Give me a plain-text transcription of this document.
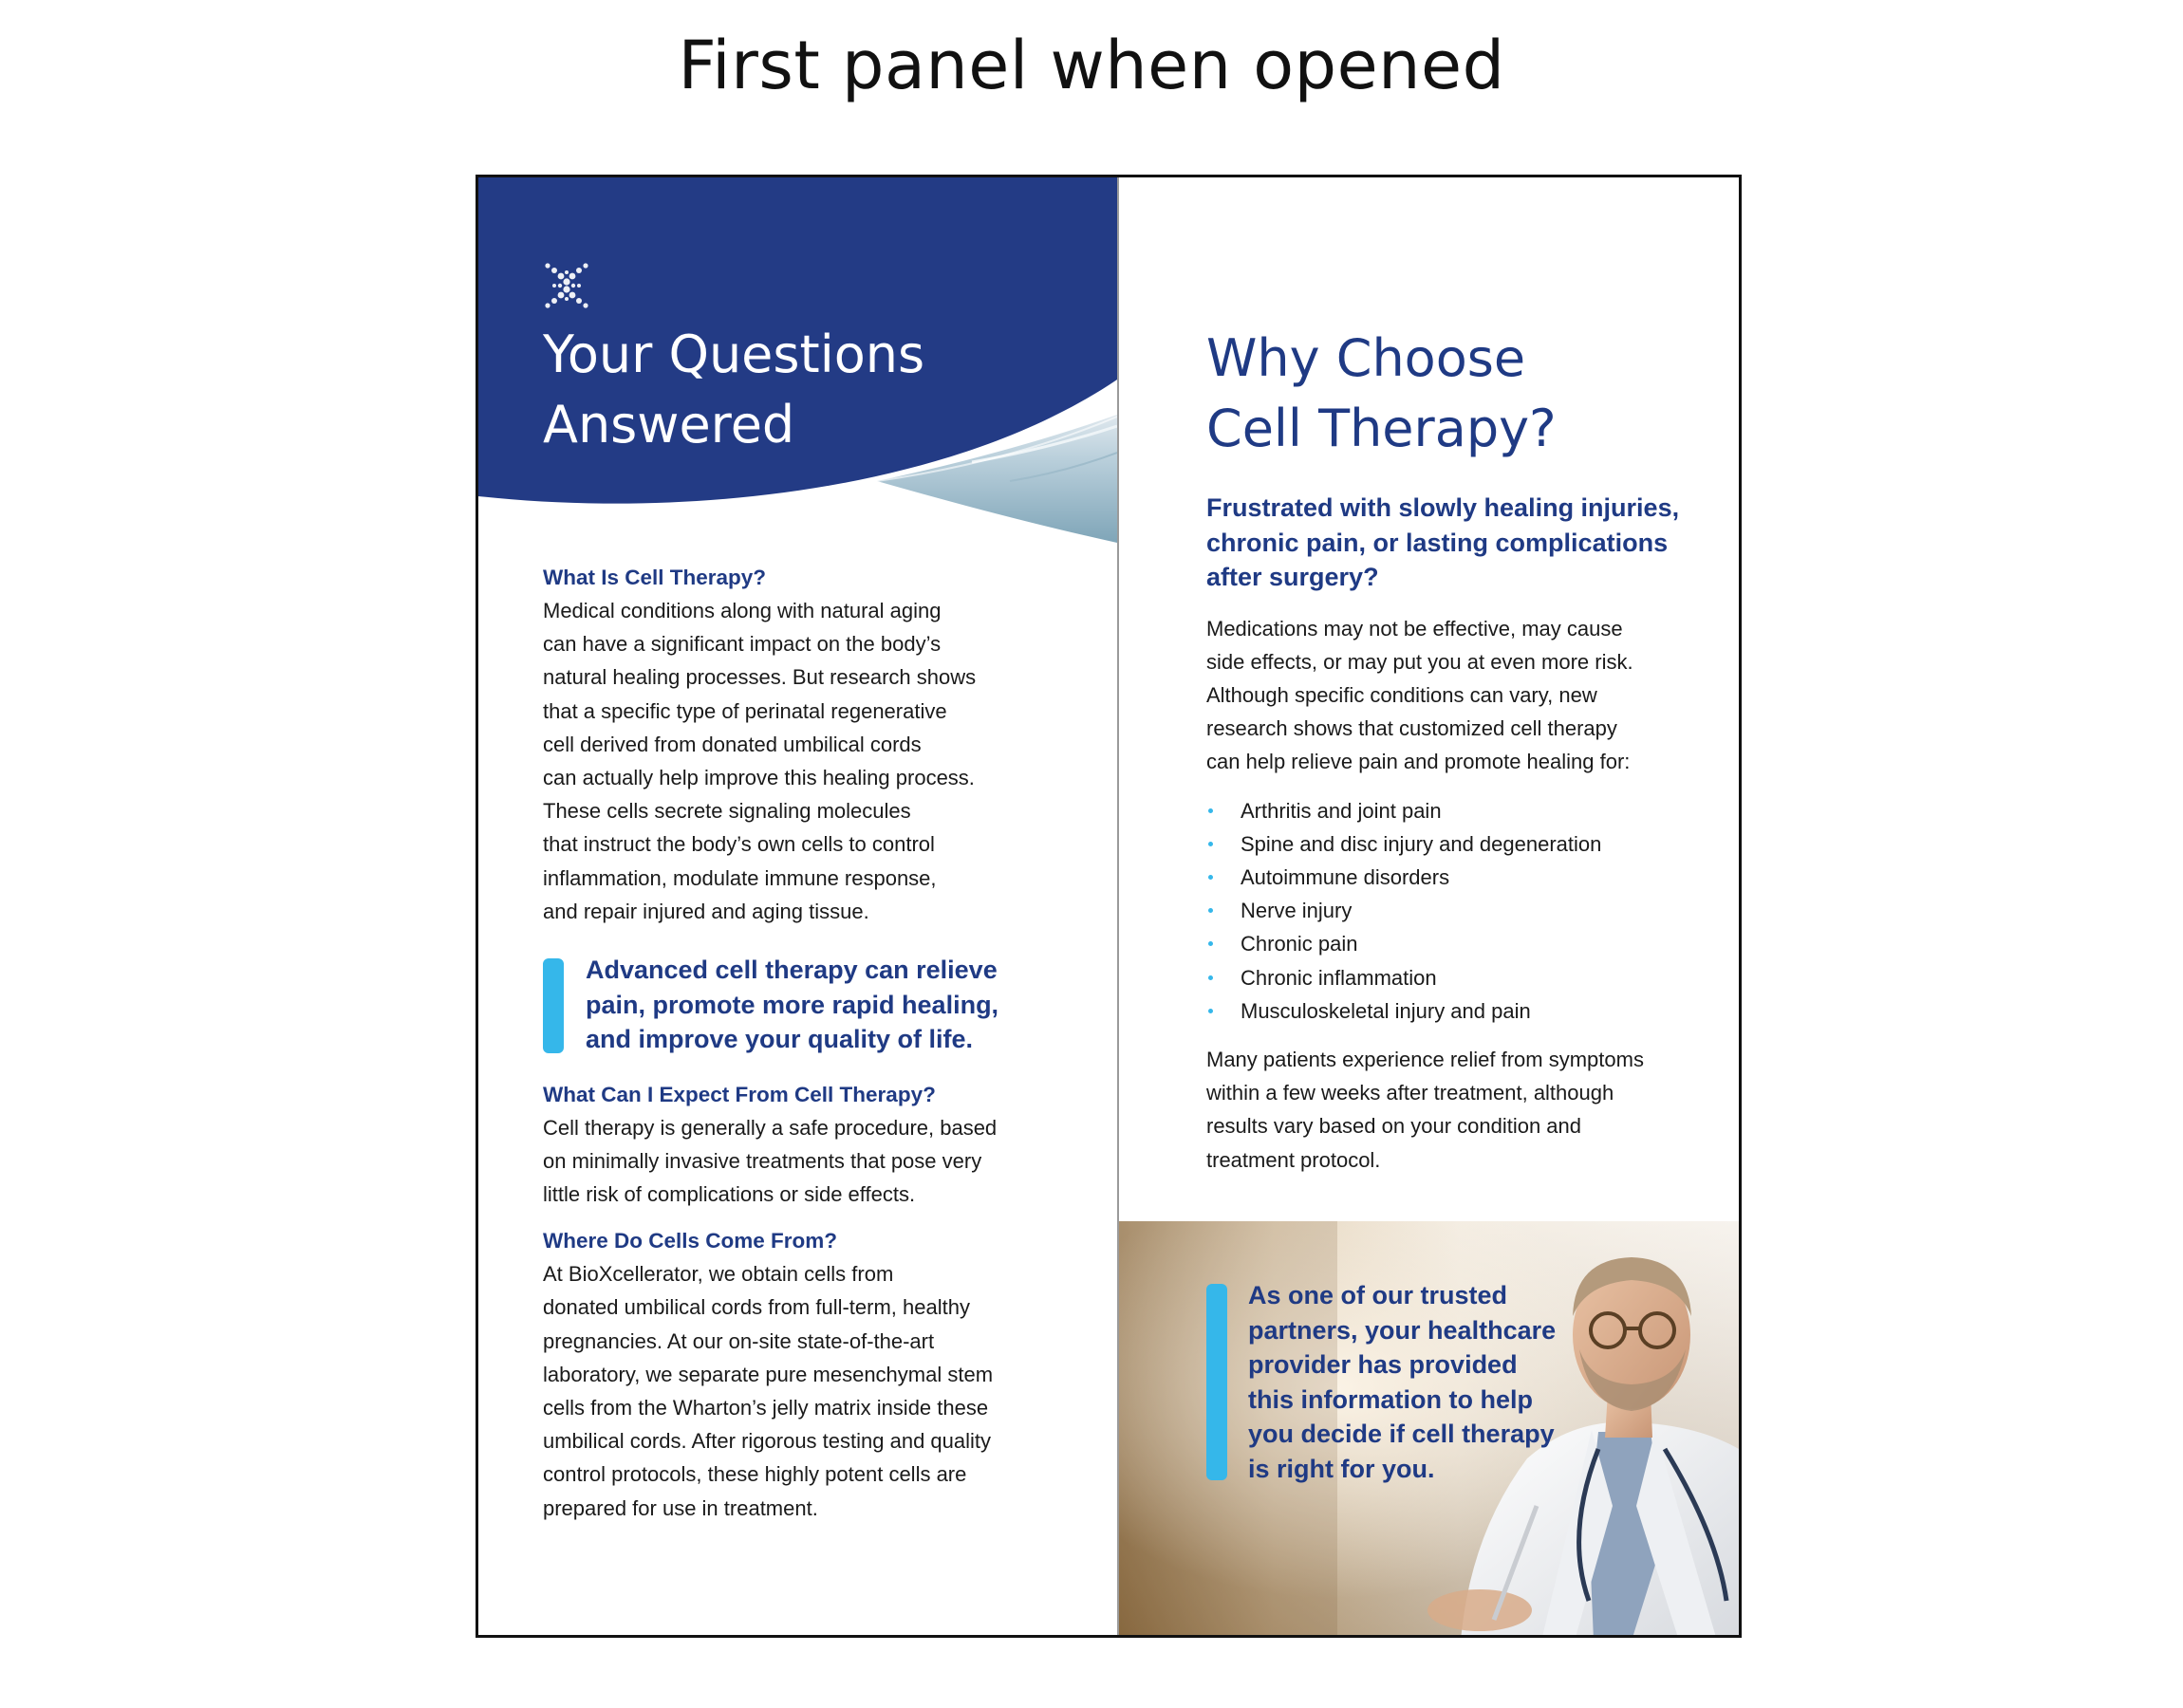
First panel when opened
Your Questions
Answered

What Is Cell Therapy?

Medical conditions along with natural aging
can have a significant impact on the body’s
natural healing processes. But research shows
that a specific type of perinatal regenerative
cell derived from donated umbilical cords
can actually help improve this healing process.
These cells secrete signaling molecules
that instruct the body’s own cells to control
inflammation, modulate immune response,
and repair injured and aging tissue.

Advanced cell therapy can relieve
pain, promote more rapid healing,
and improve your quality of life.

What Can I Expect From Cell Therapy?

Cell therapy is generally a safe procedure, based
on minimally invasive treatments that pose very
little risk of complications or side effects.

Where Do Cells Come From?

At BioXcellerator, we obtain cells from
donated umbilical cords from full-term, healthy
pregnancies. At our on-site state-of-the-art
laboratory, we separate pure mesenchymal stem
cells from the Wharton’s jelly matrix inside these
umbilical cords. After rigorous testing and quality
control protocols, these highly potent cells are
prepared for use in treatment.

Why Choose
Cell Therapy?

Frustrated with slowly healing injuries,
chronic pain, or lasting complications
after surgery?

Medications may not be effective, may cause
side effects, or may put you at even more risk.
Although specific conditions can vary, new
research shows that customized cell therapy
can help relieve pain and promote healing for:

Arthritis and joint pain
Spine and disc injury and degeneration
Autoimmune disorders
Nerve injury
Chronic pain
Chronic inflammation
Musculoskeletal injury and pain

Many patients experience relief from symptoms
within a few weeks after treatment, although
results vary based on your condition and
treatment protocol.

As one of our trusted
partners, your healthcare
provider has provided
this information to help
you decide if cell therapy
is right for you.
